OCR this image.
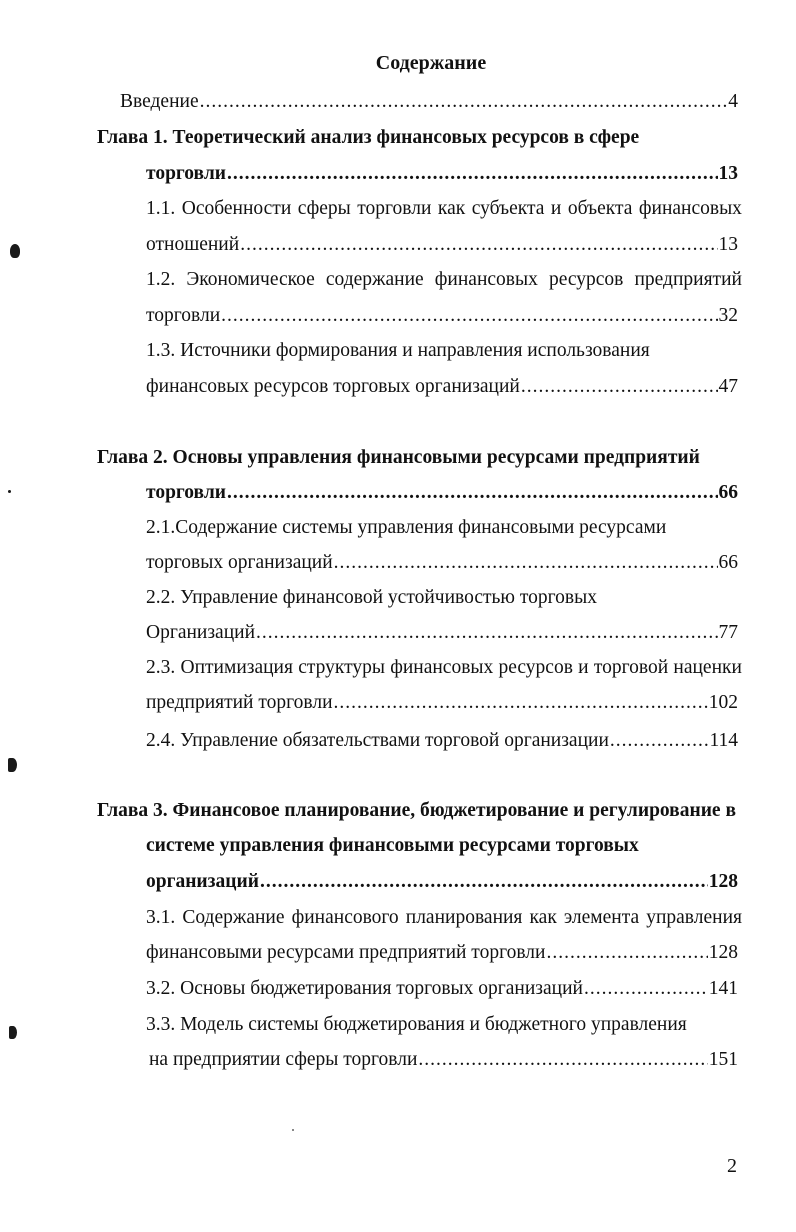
Содержание
Введение .....	4
Глава 1. Теоретический анализ финансовых ресурсов в сфере
торговли .....	13
1.1. Особенности сферы торговли как субъекта и объекта финансовых
отношений .....	13
1.2. Экономическое содержание финансовых ресурсов предприятий
торговли .....	32
1.3. Источники формирования и направления использования
финансовых ресурсов торговых организаций .....	47
Глава 2. Основы управления финансовыми ресурсами предприятий
торговли .....	66
2.1.Содержание системы управления финансовыми ресурсами
торговых организаций .....	66
2.2. Управление финансовой устойчивостью торговых
Организаций .....	77
2.3. Оптимизация структуры финансовых ресурсов и торговой наценки
предприятий торговли .....	102
2.4. Управление обязательствами торговой организации .....	114
Глава 3. Финансовое планирование, бюджетирование и регулирование в
системе управления финансовыми ресурсами торговых
организаций .....	128
3.1. Содержание финансового планирования как элемента управления
финансовыми ресурсами предприятий торговли .....	128
3.2. Основы бюджетирования торговых организаций .....	141
3.3. Модель системы бюджетирования и бюджетного управления
на предприятии сферы торговли .....	151
2
